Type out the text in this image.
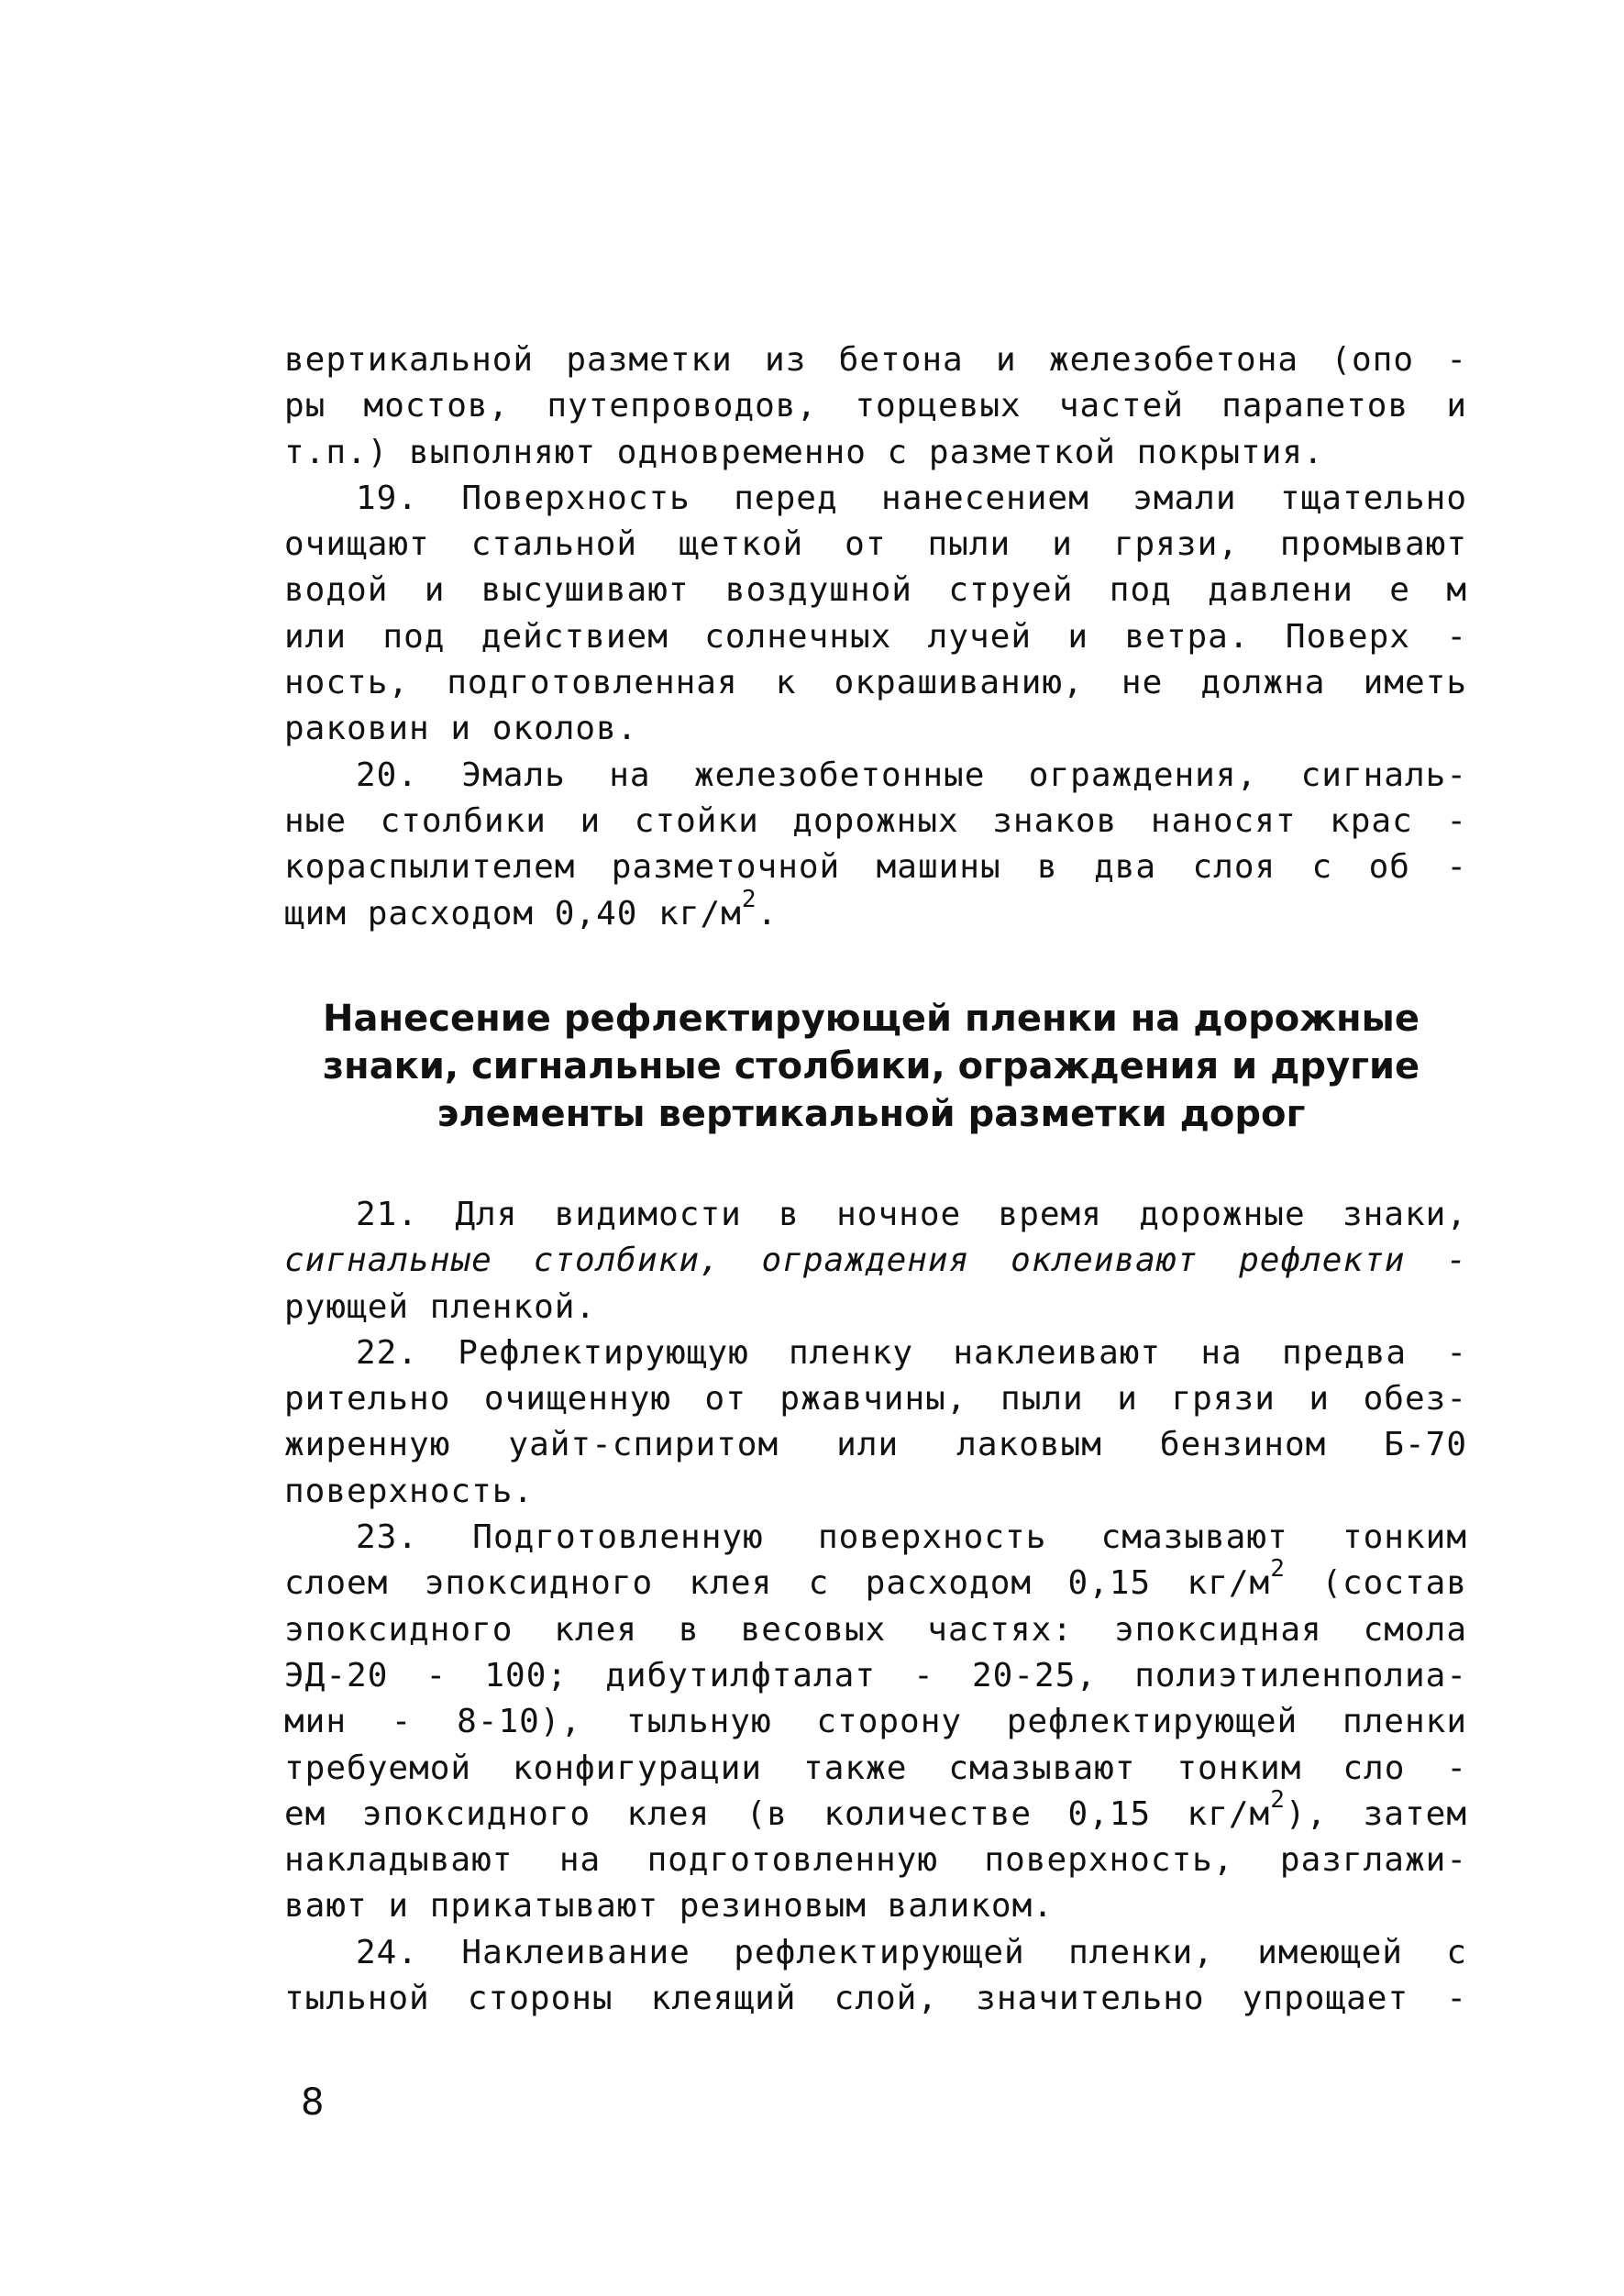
вертикальной разметки из бетона и железобетона (опо -
ры мостов, путепроводов, торцевых частей парапетов и
т.п.) выполняют одновременно с разметкой покрытия.
19. Поверхность перед нанесением эмали тщательно
очищают стальной щеткой от пыли и грязи, промывают
водой и высушивают воздушной струей под давлени е м
или под действием солнечных лучей и ветра. Поверх -
ность, подготовленная к окрашиванию, не должна иметь
раковин и околов.
20. Эмаль на железобетонные ограждения, сигналь-
ные столбики и стойки дорожных знаков наносят крас -
кораспылителем разметочной машины в два слоя с об -
щим расходом 0,40 $кг/м^2$.
Нанесение рефлектирующей пленки на дорожные
знаки, сигнальные столбики, ограждения и другие
элементы вертикальной разметки дорог
21. Для видимости в ночное время дорожные знаки,
сигнальные столбики, ограждения оклеивают рефлекти -
рующей пленкой.
22. Рефлектирующую пленку наклеивают на предва -
рительно очищенную от ржавчины, пыли и грязи и обез-
жиренную уайт-спиритом или лаковым бензином Б-70
поверхность.
23. Подготовленную поверхность смазывают тонким
слоем эпоксидного клея с расходом 0,15 $кг/м^2$ (состав
эпоксидного клея в весовых частях: эпоксидная смола
ЭД-20 - 100; дибутилфталат - 20-25, полиэтиленполиа-
мин - 8-10), тыльную сторону рефлектирующей пленки
требуемой конфигурации также смазывают тонким сло -
ем эпоксидного клея (в количестве 0,15 $кг/м^2$), затем
накладывают на подготовленную поверхность, разглажи-
вают и прикатывают резиновым валиком.
24. Наклеивание рефлектирующей пленки, имеющей с
тыльной стороны клеящий слой, значительно упрощает -
8
